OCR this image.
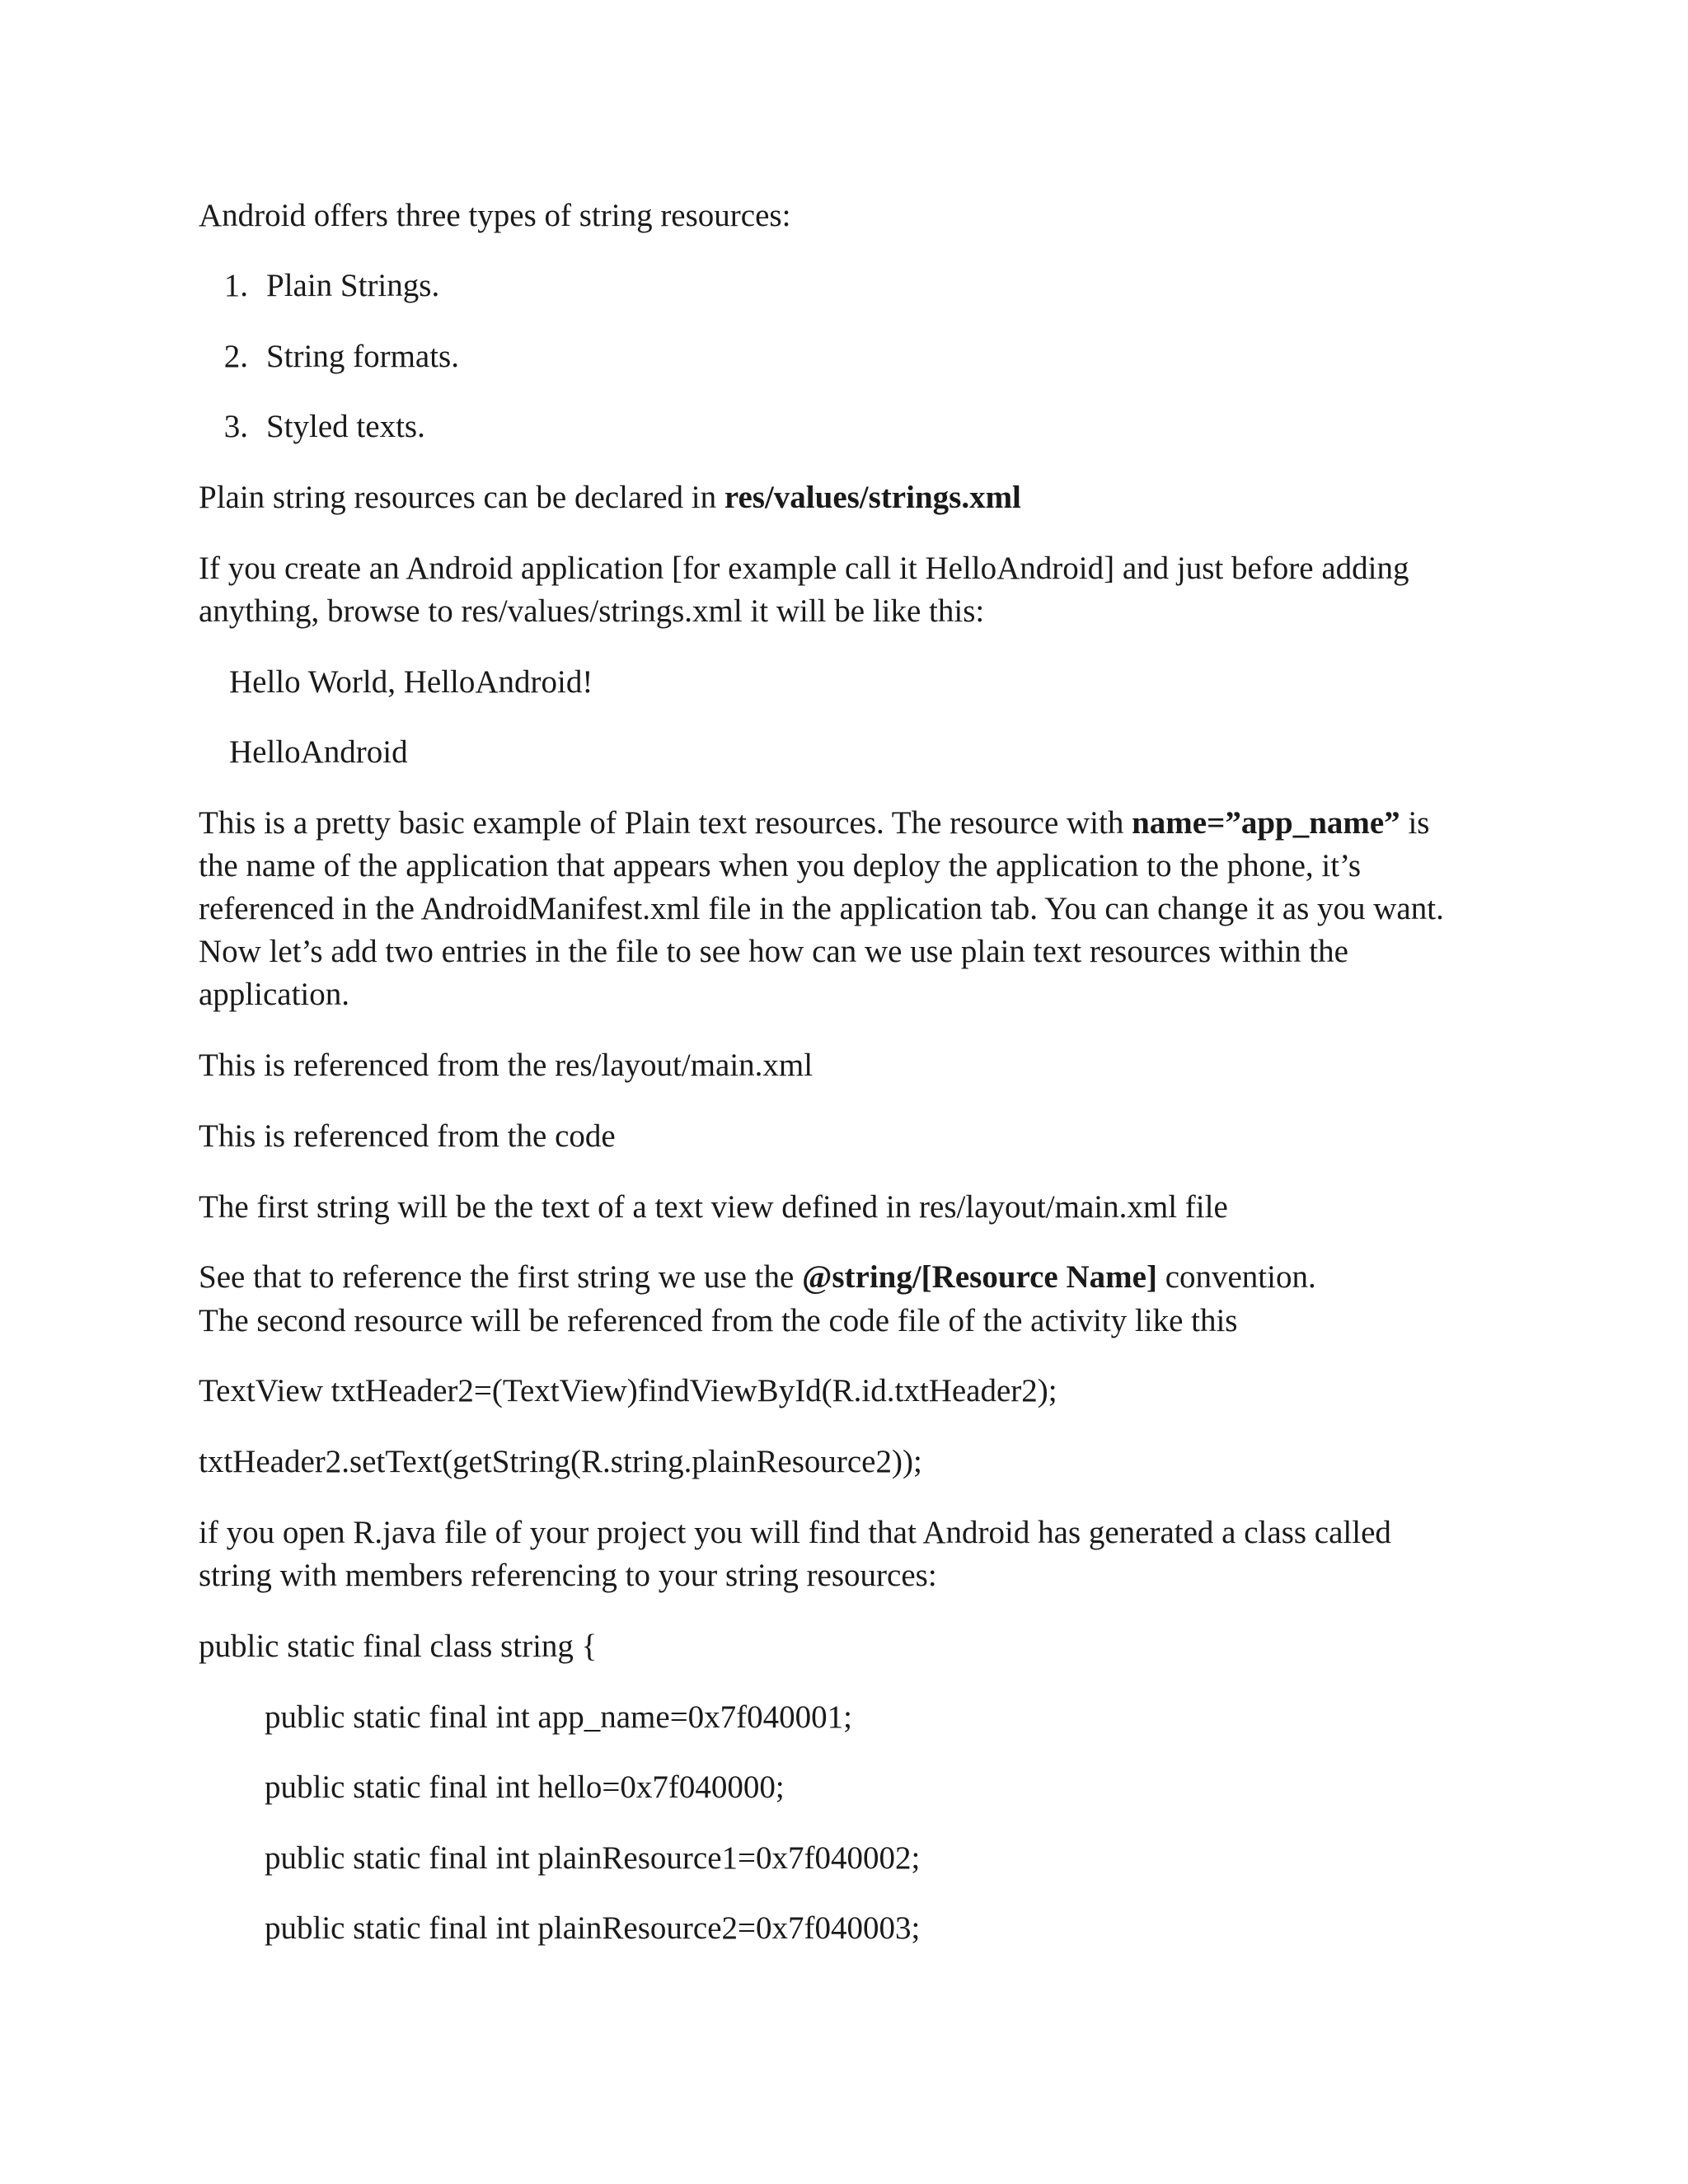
Android offers three types of string resources:

1. Plain Strings.

2. String formats.

3. Styled texts.

Plain string resources can be declared in res/values/strings.xml

If you create an Android application [for example call it HelloAndroid] and just before adding

anything, browse to res/values/strings.xml it will be like this:

Hello World, HelloAndroid!

HelloAndroid

This is a pretty basic example of Plain text resources. The resource with name=”app_name” is

the name of the application that appears when you deploy the application to the phone, it’s

referenced in the AndroidManifest.xml file in the application tab. You can change it as you want.

Now let’s add two entries in the file to see how can we use plain text resources within the

application.

This is referenced from the res/layout/main.xml

This is referenced from the code

The first string will be the text of a text view defined in res/layout/main.xml file

See that to reference the first string we use the @string/[Resource Name] convention.

The second resource will be referenced from the code file of the activity like this

TextView txtHeader2=(TextView)findViewById(R.id.txtHeader2);

txtHeader2.setText(getString(R.string.plainResource2));

if you open R.java file of your project you will find that Android has generated a class called

string with members referencing to your string resources:

public static final class string {

public static final int app_name=0x7f040001;

public static final int hello=0x7f040000;

public static final int plainResource1=0x7f040002;

public static final int plainResource2=0x7f040003;
